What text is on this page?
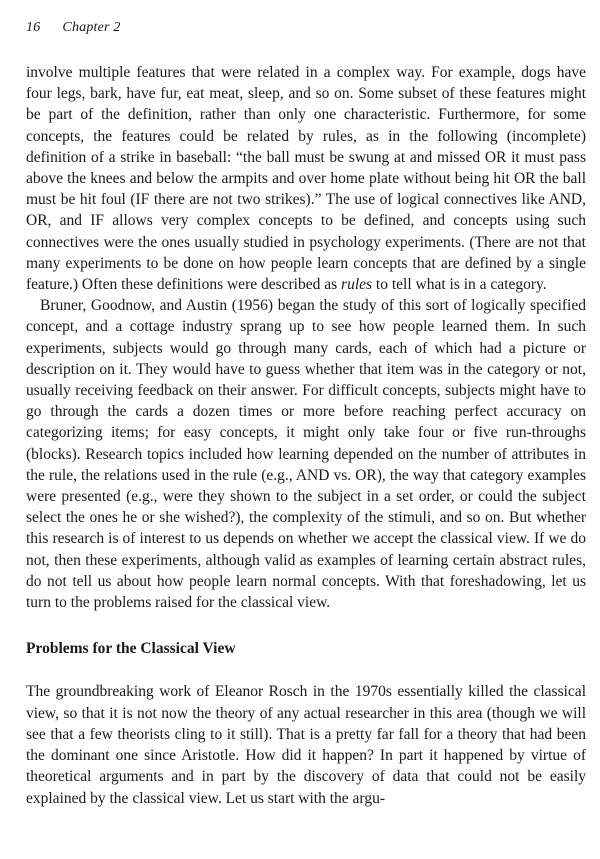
16 Chapter 2

involve multiple features that were related in a complex way. For example, dogs have four legs, bark, have fur, eat meat, sleep, and so on. Some subset of these features might be part of the definition, rather than only one characteristic. Furthermore, for some concepts, the features could be related by rules, as in the following (incomplete) definition of a strike in baseball: “the ball must be swung at and missed OR it must pass above the knees and below the armpits and over home plate without being hit OR the ball must be hit foul (IF there are not two strikes).” The use of logical connectives like AND, OR, and IF allows very complex concepts to be defined, and concepts using such connectives were the ones usually studied in psychology experiments. (There are not that many experiments to be done on how people learn concepts that are defined by a single feature.) Often these definitions were described as rules to tell what is in a category.

Bruner, Goodnow, and Austin (1956) began the study of this sort of logically specified concept, and a cottage industry sprang up to see how people learned them. In such experiments, subjects would go through many cards, each of which had a picture or description on it. They would have to guess whether that item was in the category or not, usually receiving feedback on their answer. For difficult concepts, subjects might have to go through the cards a dozen times or more before reaching perfect accuracy on categorizing items; for easy concepts, it might only take four or five run-throughs (blocks). Research topics included how learning depended on the number of attributes in the rule, the relations used in the rule (e.g., AND vs. OR), the way that category examples were presented (e.g., were they shown to the subject in a set order, or could the subject select the ones he or she wished?), the complexity of the stimuli, and so on. But whether this research is of interest to us depends on whether we accept the classical view. If we do not, then these experiments, although valid as examples of learning certain abstract rules, do not tell us about how people learn normal concepts. With that foreshadowing, let us turn to the problems raised for the classical view.

Problems for the Classical View

The groundbreaking work of Eleanor Rosch in the 1970s essentially killed the classical view, so that it is not now the theory of any actual researcher in this area (though we will see that a few theorists cling to it still). That is a pretty far fall for a theory that had been the dominant one since Aristotle. How did it happen? In part it happened by virtue of theoretical arguments and in part by the discovery of data that could not be easily explained by the classical view. Let us start with the argu-
